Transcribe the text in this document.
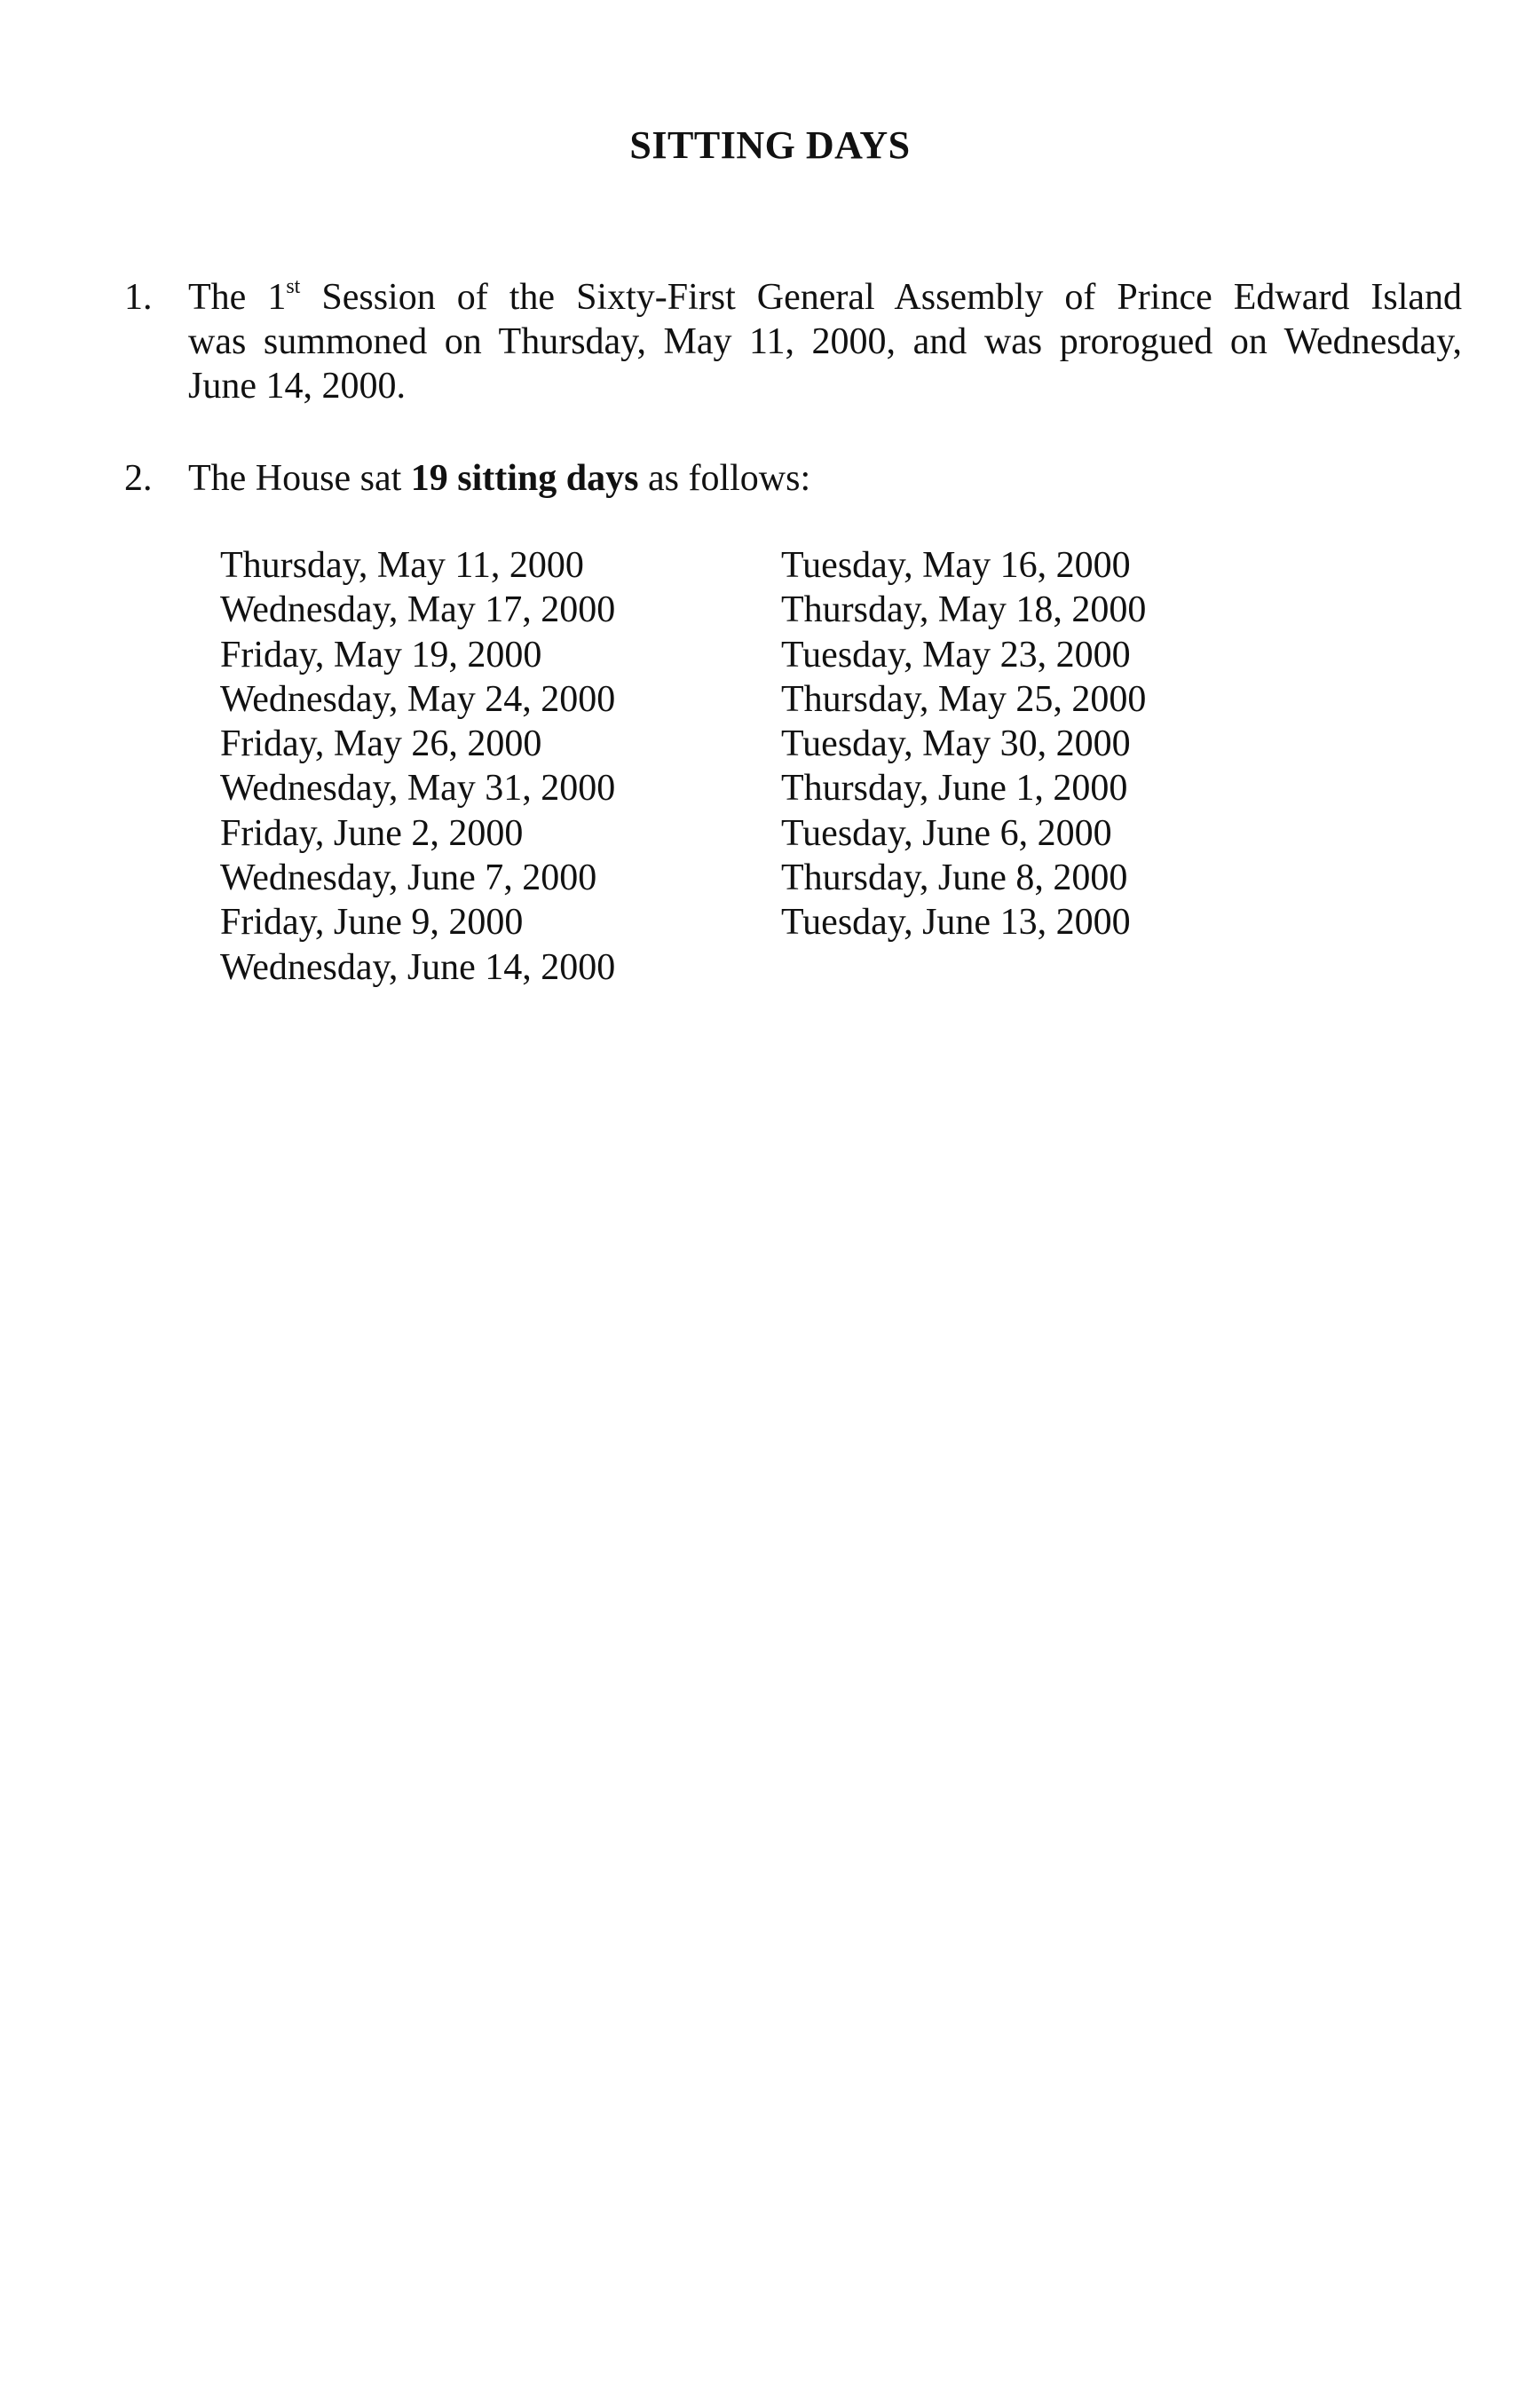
SITTING DAYS
1. The 1st Session of the Sixty-First General Assembly of Prince Edward Island
was summoned on Thursday, May 11, 2000, and was prorogued on Wednesday,
June 14, 2000.
2. The House sat 19 sitting days as follows:
Thursday, May 11, 2000
Wednesday, May 17, 2000
Friday, May 19, 2000
Wednesday, May 24, 2000
Friday, May 26, 2000
Wednesday, May 31, 2000
Friday, June 2, 2000
Wednesday, June 7, 2000
Friday, June 9, 2000
Wednesday, June 14, 2000
Tuesday, May 16, 2000
Thursday, May 18, 2000
Tuesday, May 23, 2000
Thursday, May 25, 2000
Tuesday, May 30, 2000
Thursday, June 1, 2000
Tuesday, June 6, 2000
Thursday, June 8, 2000
Tuesday, June 13, 2000
